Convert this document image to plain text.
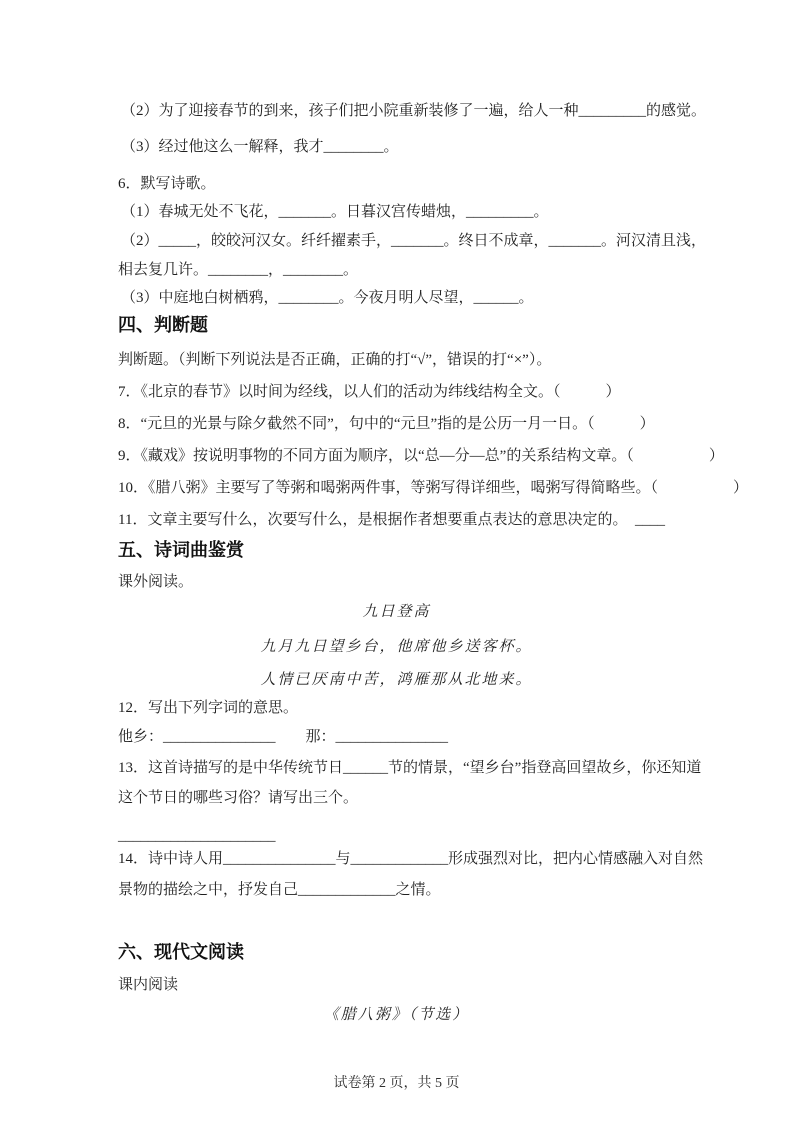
（2）为了迎接春节的到来，孩子们把小院重新装修了一遍，给人一种_________的感觉。
（3）经过他这么一解释，我才________。
6．默写诗歌。
（1）春城无处不飞花，_______。日暮汉宫传蜡烛，_________。
（2）_____，皎皎河汉女。纤纤擢素手，_______。终日不成章，_______。河汉清且浅，
相去复几许。________，________。
（3）中庭地白树栖鸦，________。今夜月明人尽望，______。
四、判断题
判断题。（判断下列说法是否正确，正确的打“√”，错误的打“×”）。
7．《北京的春节》以时间为经线，以人们的活动为纬线结构全文。（　　　）
8．“元旦的光景与除夕截然不同”，句中的“元旦”指的是公历一月一日。（　　　）
9．《藏戏》按说明事物的不同方面为顺序，以“总—分—总”的关系结构文章。（　　　　　）
10．《腊八粥》主要写了等粥和喝粥两件事，等粥写得详细些，喝粥写得简略些。（　　　　　）
11．文章主要写什么，次要写什么，是根据作者想要重点表达的意思决定的。　____
五、诗词曲鉴赏
课外阅读。
九日登高
九月九日望乡台，他席他乡送客杯。
人情已厌南中苦，鸿雁那从北地来。
12．写出下列字词的意思。
他乡：_______________　　那：_______________
13．这首诗描写的是中华传统节日______节的情景，“望乡台”指登高回望故乡，你还知道
这个节日的哪些习俗？请写出三个。
_____________________
14．诗中诗人用_______________与_____________形成强烈对比，把内心情感融入对自然
景物的描绘之中，抒发自己_____________之情。
六、现代文阅读
课内阅读
《腊八粥》（节选）
试卷第 2 页，共 5 页
